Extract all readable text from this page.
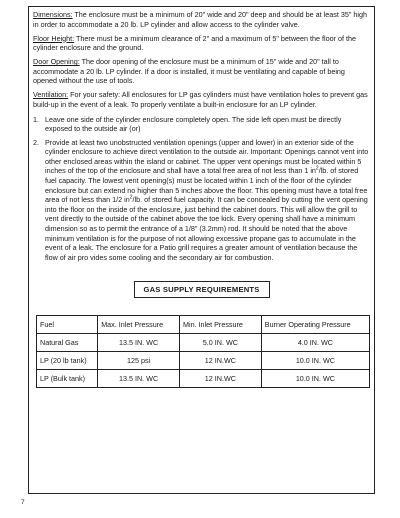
Dimensions: The enclosure must be a minimum of 20" wide and 20" deep and should be at least 35" high in order to accommodate a 20 lb. LP cylinder and allow access to the cylinder valve.

Floor Height: There must be a minimum clearance of 2" and a maximum of 5" between the floor of the cylinder enclosure and the ground.

Door Opening: The door opening of the enclosure must be a minimum of 15" wide and 20" tall to accommodate a 20 lb. LP cylinder. If a door is installed, it must be ventilating and capable of being opened without the use of tools.

Ventilation: For your safety: All enclosures for LP gas cylinders must have ventilation holes to prevent gas build-up in the event of a leak. To properly ventilate a built-in enclosure for an LP cylinder.

1. Leave one side of the cylinder enclosure completely open. The side left open must be directly exposed to the outside air (or)
2. Provide at least two unobstructed ventilation openings (upper and lower) in an exterior side of the cylinder enclosure to achieve direct ventilation to the outside air. Important: Openings cannot vent into other enclosed areas within the island or cabinet. The upper vent openings must be located within 5 inches of the top of the enclosure and shall have a total free area of not less than 1 $in^2/lb$. of stored fuel capacity. The lowest vent opening(s) must be located within 1 inch of the floor of the cylinder enclosure but can extend no higher than 5 inches above the floor. This opening must have a total free area of not less than 1/2 $in^2/lb$. of stored fuel capacity. It can be concealed by cutting the vent opening into the floor on the inside of the enclosure, just behind the cabinet doors. This will allow the grill to vent directly to the outside of the cabinet above the toe kick. Every opening shall have a minimum dimension so as to permit the entrance of a 1/8" (3.2mm) rod. It should be noted that the above minimum ventilation is for the purpose of not allowing excessive propane gas to accumulate in the event of a leak. The enclosure for a Patio grill requires a greater amount of ventilation because the flow of air pro vides some cooling and the secondary air for combustion.
GAS SUPPLY REQUIREMENTS
Fuel	Max. Inlet Pressure	Min. Inlet Pressure	Burner Operating Pressure
Natural Gas	13.5 IN. WC	5.0 IN. WC	4.0 IN. WC
LP (20 lb tank)	125 psi	12 IN.WC	10.0 IN. WC
LP (Bulk tank)	13.5 IN. WC	12 IN.WC	10.0 IN. WC
7
